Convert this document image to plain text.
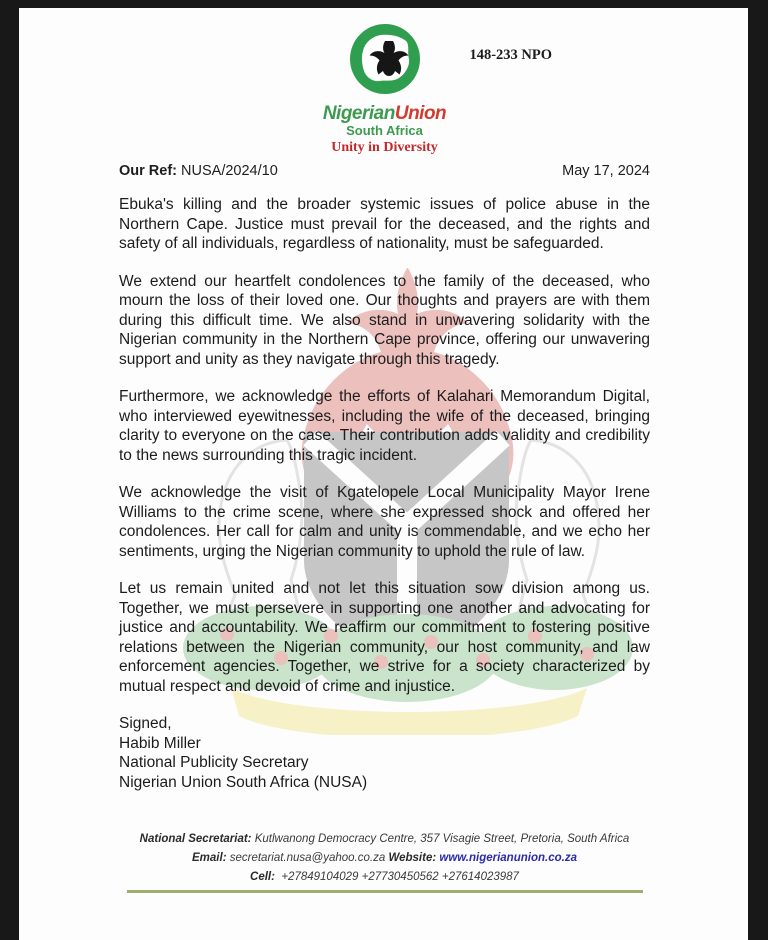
NigerianUnion
South Africa
Unity in Diversity
148-233 NPO
Our Ref: NUSA/2024/10	May 17, 2024

Ebuka's killing and the broader systemic issues of police abuse in the Northern Cape. Justice must prevail for the deceased, and the rights and safety of all individuals, regardless of nationality, must be safeguarded.

We extend our heartfelt condolences to the family of the deceased, who mourn the loss of their loved one. Our thoughts and prayers are with them during this difficult time. We also stand in unwavering solidarity with the Nigerian community in the Northern Cape province, offering our unwavering support and unity as they navigate through this tragedy.

Furthermore, we acknowledge the efforts of Kalahari Memorandum Digital, who interviewed eyewitnesses, including the wife of the deceased, bringing clarity to everyone on the case. Their contribution adds validity and credibility to the news surrounding this tragic incident.

We acknowledge the visit of Kgatelopele Local Municipality Mayor Irene Williams to the crime scene, where she expressed shock and offered her condolences. Her call for calm and unity is commendable, and we echo her sentiments, urging the Nigerian community to uphold the rule of law.

Let us remain united and not let this situation sow division among us. Together, we must persevere in supporting one another and advocating for justice and accountability. We reaffirm our commitment to fostering positive relations between the Nigerian community, our host community, and law enforcement agencies. Together, we strive for a society characterized by mutual respect and devoid of crime and injustice.

Signed,
Habib Miller
National Publicity Secretary
Nigerian Union South Africa (NUSA)
National Secretariat: Kutlwanong Democracy Centre, 357 Visagie Street, Pretoria, South Africa
Email: secretariat.nusa@yahoo.co.za Website: www.nigerianunion.co.za
Cell: +27849104029 +27730450562 +27614023987
